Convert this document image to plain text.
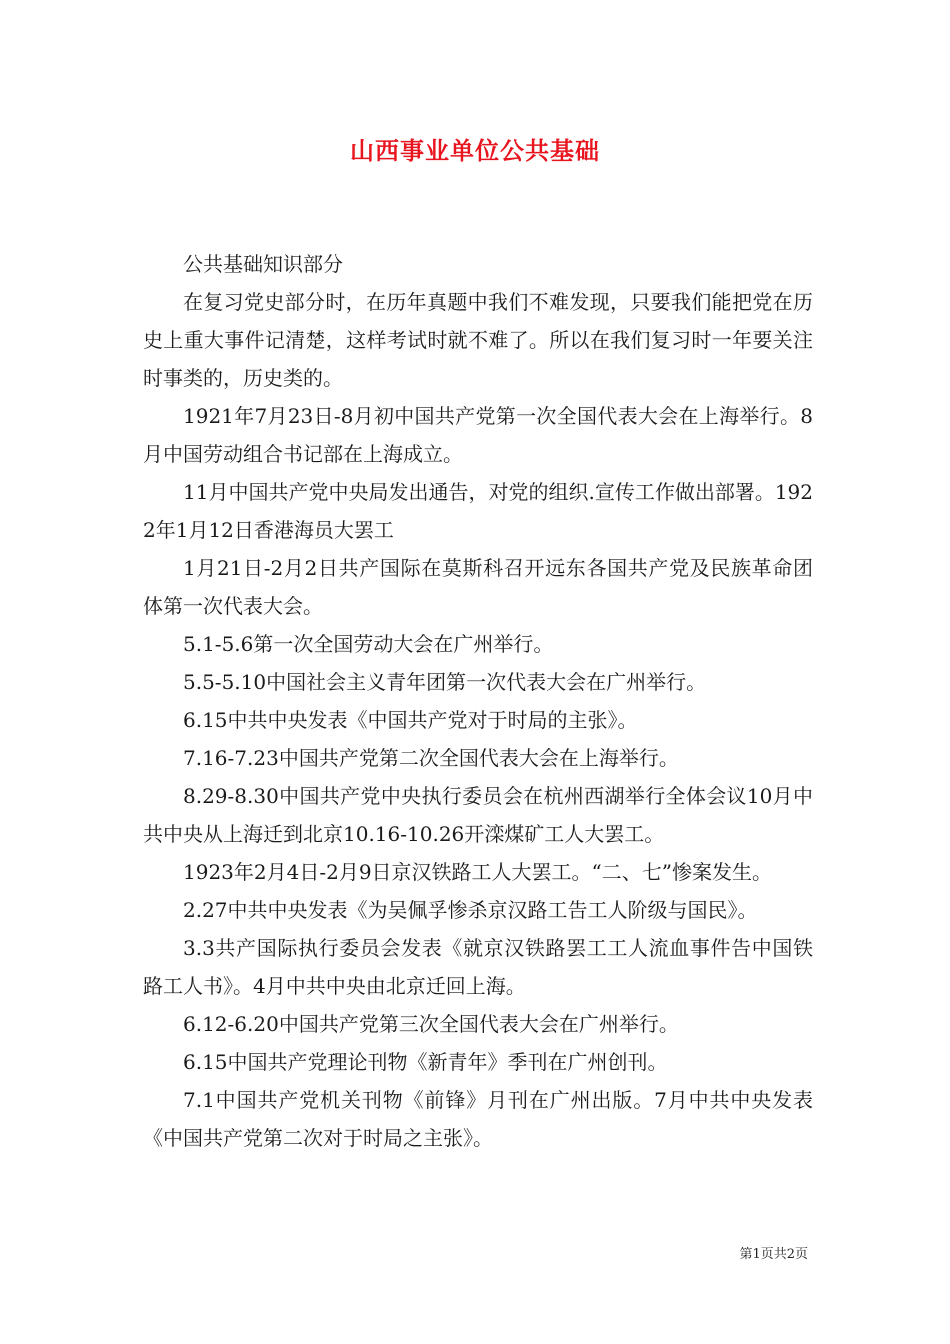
山西事业单位公共基础

公共基础知识部分

在复习党史部分时，在历年真题中我们不难发现，只要我们能把党在历史上重大事件记清楚，这样考试时就不难了。所以在我们复习时一年要关注时事类的，历史类的。

1921年7月23日-8月初中国共产党第一次全国代表大会在上海举行。8月中国劳动组合书记部在上海成立。

11月中国共产党中央局发出通告，对党的组织.宣传工作做出部署。1922年1月12日香港海员大罢工

1月21日-2月2日共产国际在莫斯科召开远东各国共产党及民族革命团体第一次代表大会。

5.1-5.6第一次全国劳动大会在广州举行。

5.5-5.10中国社会主义青年团第一次代表大会在广州举行。

6.15中共中央发表《中国共产党对于时局的主张》。

7.16-7.23中国共产党第二次全国代表大会在上海举行。

8.29-8.30中国共产党中央执行委员会在杭州西湖举行全体会议10月中共中央从上海迁到北京10.16-10.26开滦煤矿工人大罢工。

1923年2月4日-2月9日京汉铁路工人大罢工。“二、七”惨案发生。

2.27中共中央发表《为吴佩孚惨杀京汉路工告工人阶级与国民》。

3.3共产国际执行委员会发表《就京汉铁路罢工工人流血事件告中国铁路工人书》。4月中共中央由北京迁回上海。

6.12-6.20中国共产党第三次全国代表大会在广州举行。

6.15中国共产党理论刊物《新青年》季刊在广州创刊。

7.1中国共产党机关刊物《前锋》月刊在广州出版。7月中共中央发表《中国共产党第二次对于时局之主张》。

第1页共2页
